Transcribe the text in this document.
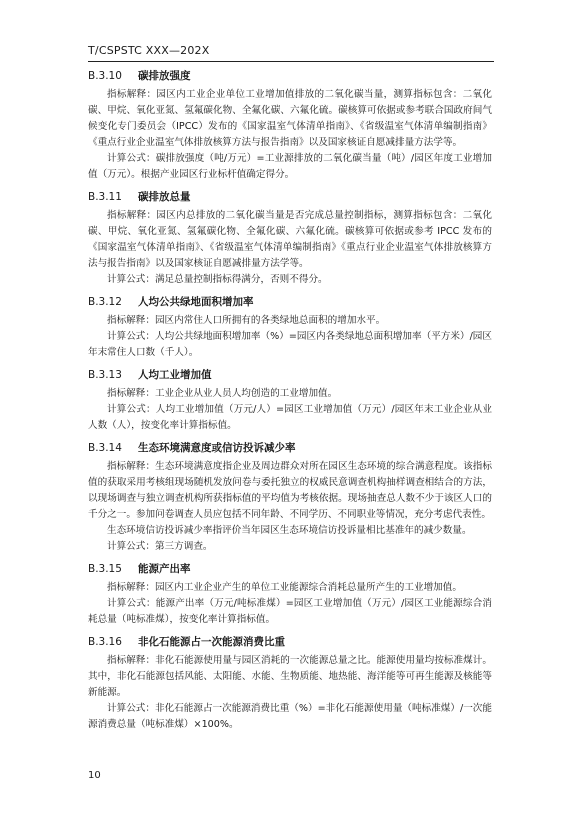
T/CSPSTC XXX—202X
B.3.10 碳排放强度

指标解释：园区内工业企业单位工业增加值排放的二氧化碳当量，测算指标包含：二氧化碳、甲烷、氧化亚氮、氢氟碳化物、全氟化碳、六氟化硫。碳核算可依据或参考联合国政府间气候变化专门委员会（IPCC）发布的《国家温室气体清单指南》、《省级温室气体清单编制指南》《重点行业企业温室气体排放核算方法与报告指南》以及国家核证自愿减排量方法学等。

计算公式：碳排放强度（吨/万元）=工业源排放的二氧化碳当量（吨）/园区年度工业增加值（万元）。根据产业园区行业标杆值确定得分。

B.3.11 碳排放总量

指标解释：园区内总排放的二氧化碳当量是否完成总量控制指标，测算指标包含：二氧化碳、甲烷、氧化亚氮、氢氟碳化物、全氟化碳、六氟化硫。碳核算可依据或参考 IPCC 发布的《国家温室气体清单指南》、《省级温室气体清单编制指南》《重点行业企业温室气体排放核算方法与报告指南》以及国家核证自愿减排量方法学等。

计算公式：满足总量控制指标得满分，否则不得分。

B.3.12 人均公共绿地面积增加率

指标解释：园区内常住人口所拥有的各类绿地总面积的增加水平。

计算公式：人均公共绿地面积增加率（%）=园区内各类绿地总面积增加率（平方米）/园区年末常住人口数（千人）。

B.3.13 人均工业增加值

指标解释：工业企业从业人员人均创造的工业增加值。

计算公式：人均工业增加值（万元/人）=园区工业增加值（万元）/园区年末工业企业从业人数（人），按变化率计算指标值。

B.3.14 生态环境满意度或信访投诉减少率

指标解释：生态环境满意度指企业及周边群众对所在园区生态环境的综合满意程度。该指标值的获取采用考核组现场随机发放问卷与委托独立的权威民意调查机构抽样调查相结合的方法，以现场调查与独立调查机构所获指标值的平均值为考核依据。现场抽查总人数不少于该区人口的千分之一。参加问卷调查人员应包括不同年龄、不同学历、不同职业等情况，充分考虑代表性。

生态环境信访投诉减少率指评价当年园区生态环境信访投诉量相比基准年的减少数量。

计算公式：第三方调查。

B.3.15 能源产出率

指标解释：园区内工业企业产生的单位工业能源综合消耗总量所产生的工业增加值。

计算公式：能源产出率（万元/吨标准煤）=园区工业增加值（万元）/园区工业能源综合消耗总量（吨标准煤），按变化率计算指标值。

B.3.16 非化石能源占一次能源消费比重

指标解释：非化石能源使用量与园区消耗的一次能源总量之比。能源使用量均按标准煤计。其中，非化石能源包括风能、太阳能、水能、生物质能、地热能、海洋能等可再生能源及核能等新能源。

计算公式：非化石能源占一次能源消费比重（%）=非化石能源使用量（吨标准煤）/一次能源消费总量（吨标准煤）×100%。

10
